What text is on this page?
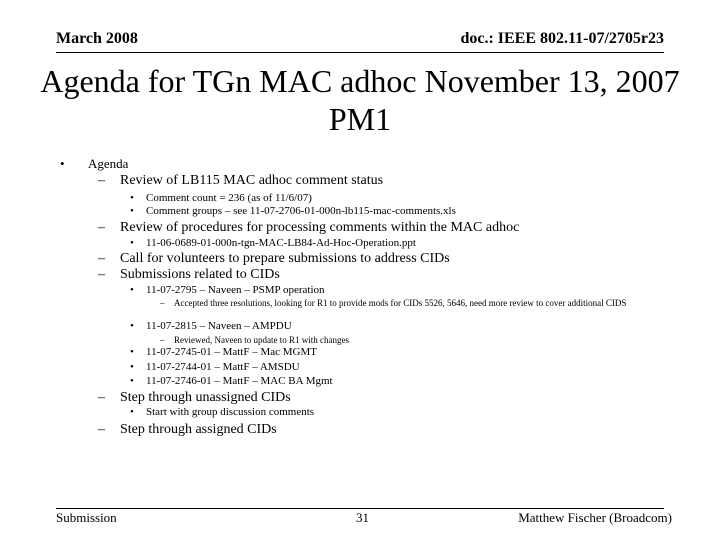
March 2008	doc.: IEEE 802.11-07/2705r23
Agenda for TGn MAC adhoc November 13, 2007 PM1
• Agenda
– Review of LB115 MAC adhoc comment status
• Comment count = 236 (as of 11/6/07)
• Comment groups – see 11-07-2706-01-000n-lb115-mac-comments.xls
– Review of procedures for processing comments within the MAC adhoc
• 11-06-0689-01-000n-tgn-MAC-LB84-Ad-Hoc-Operation.ppt
– Call for volunteers to prepare submissions to address CIDs
– Submissions related to CIDs
• 11-07-2795 – Naveen – PSMP operation
– Accepted three resolutions, looking for R1 to provide mods for CIDs 5526, 5646, need more review to cover additional CIDS
• 11-07-2815 – Naveen – AMPDU
– Reviewed, Naveen to update to R1 with changes
• 11-07-2745-01 – MattF – Mac MGMT
• 11-07-2744-01 – MattF – AMSDU
• 11-07-2746-01 – MattF – MAC BA Mgmt
– Step through unassigned CIDs
• Start with group discussion comments
– Step through assigned CIDs
Submission	31	Matthew Fischer (Broadcom)
